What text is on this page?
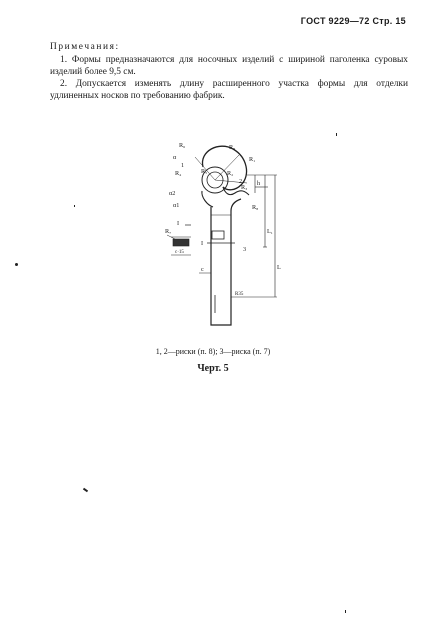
ГОСТ 9229—72 Стр. 15
Примечания:

1. Формы предназначаются для носочных изделий с шириной паголенка суровых изделий более 9,5 см.

2. Допускается изменять длину расширенного участка формы для отделки удлиненных носков по требованию фабрик.

R₆	R₉
R₁
R₃
R₄	R₅	R₂
R₈
R₇
α
α2
α1
1
2
3
I
I
c
c·15
L₁
L
h
R35
1, 2—риски (п. 8); 3—риска (п. 7)
Черт. 5
